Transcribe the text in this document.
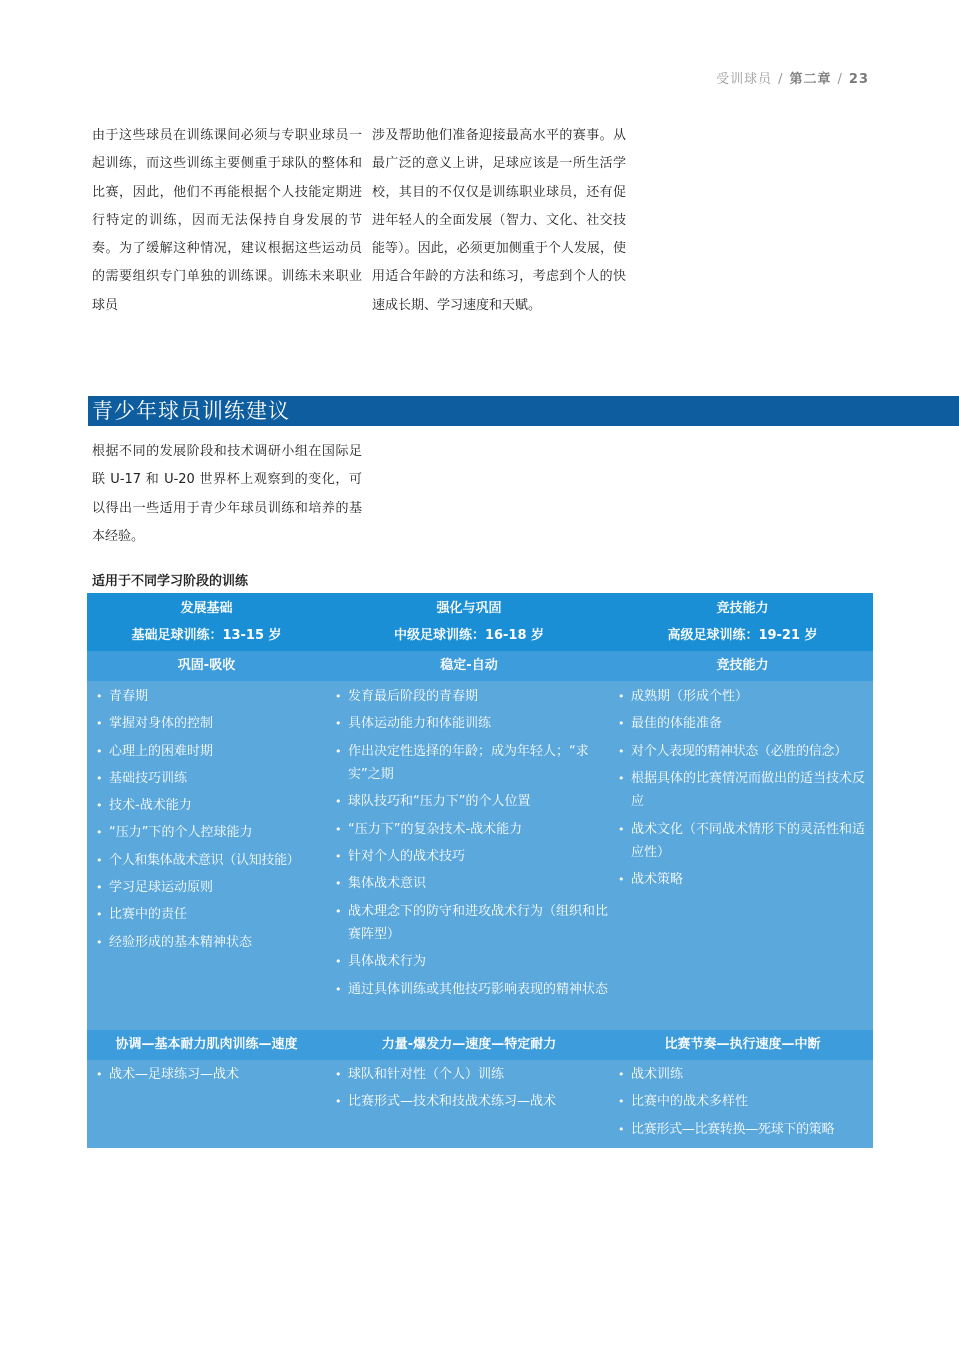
受训球员 / 第二章 / 23
由于这些球员在训练课间必须与专职业球员一起训练，而这些训练主要侧重于球队的整体和比赛，因此，他们不再能根据个人技能定期进行特定的训练，因而无法保持自身发展的节奏。为了缓解这种情况，建议根据这些运动员的需要组织专门单独的训练课。训练未来职业球员
涉及帮助他们准备迎接最高水平的赛事。从最广泛的意义上讲，足球应该是一所生活学校，其目的不仅仅是训练职业球员，还有促进年轻人的全面发展（智力、文化、社交技能等）。因此，必须更加侧重于个人发展，使用适合年龄的方法和练习，考虑到个人的快速成长期、学习速度和天赋。
青少年球员训练建议
根据不同的发展阶段和技术调研小组在国际足联 U-17 和 U-20 世界杯上观察到的变化，可以得出一些适用于青少年球员训练和培养的基本经验。
适用于不同学习阶段的训练
发展基础
基础足球训练：13-15 岁
强化与巩固
中级足球训练：16-18 岁
竞技能力
高级足球训练：19-21 岁
巩固-吸收	稳定-自动	竞技能力
• 青春期
• 掌握对身体的控制
• 心理上的困难时期
• 基础技巧训练
• 技术-战术能力
• “压力”下的个人控球能力
• 个人和集体战术意识（认知技能）
• 学习足球运动原则
• 比赛中的责任
• 经验形成的基本精神状态
• 发育最后阶段的青春期
• 具体运动能力和体能训练
• 作出决定性选择的年龄；成为年轻人；“求实”之期
• 球队技巧和“压力下”的个人位置
• “压力下”的复杂技术-战术能力
• 针对个人的战术技巧
• 集体战术意识
• 战术理念下的防守和进攻战术行为（组织和比赛阵型）
• 具体战术行为
• 通过具体训练或其他技巧影响表现的精神状态
• 成熟期（形成个性）
• 最佳的体能准备
• 对个人表现的精神状态（必胜的信念）
• 根据具体的比赛情况而做出的适当技术反应
• 战术文化（不同战术情形下的灵活性和适应性）
• 战术策略
协调—基本耐力肌肉训练—速度	力量-爆发力—速度—特定耐力	比赛节奏—执行速度—中断
• 战术—足球练习—战术
•	球队和针对性（个人）训练
• 比赛形式—技术和技战术练习—战术
• 战术训练
• 比赛中的战术多样性
• 比赛形式—比赛转换—死球下的策略
